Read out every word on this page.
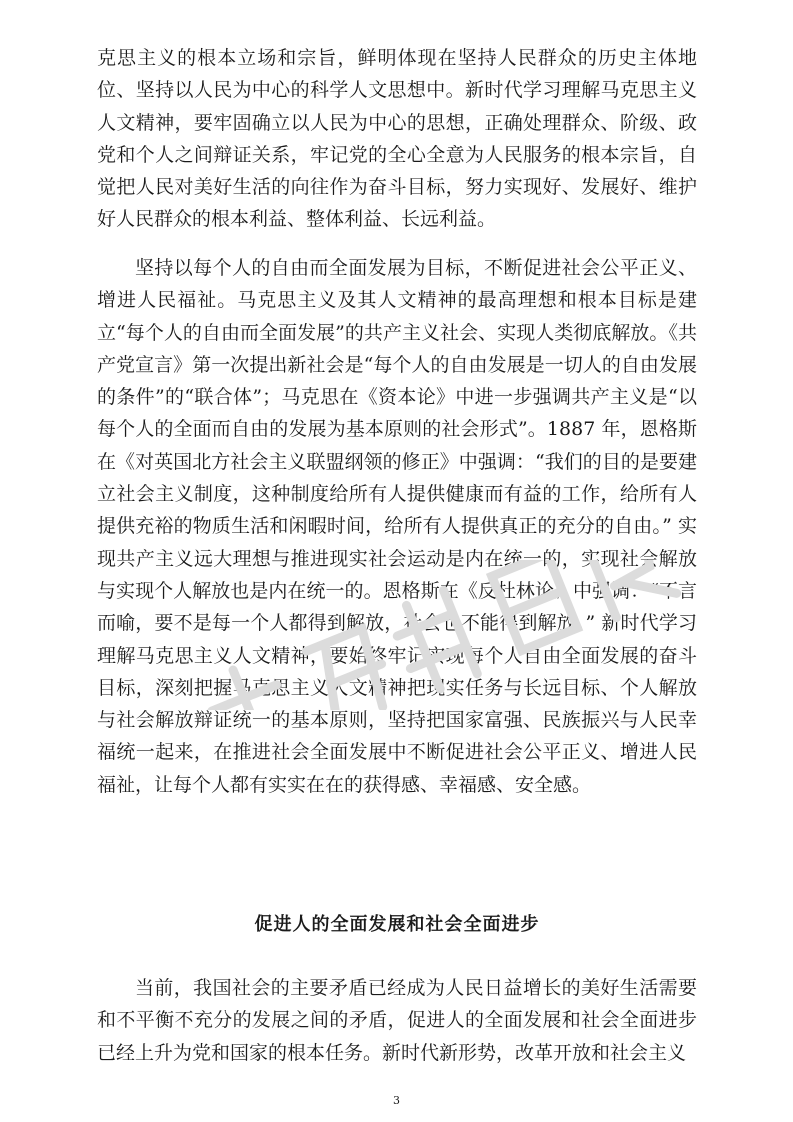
克思主义的根本立场和宗旨，鲜明体现在坚持人民群众的历史主体地位、坚持以人民为中心的科学人文思想中。新时代学习理解马克思主义人文精神，要牢固确立以人民为中心的思想，正确处理群众、阶级、政党和个人之间辩证关系，牢记党的全心全意为人民服务的根本宗旨，自觉把人民对美好生活的向往作为奋斗目标，努力实现好、发展好、维护好人民群众的根本利益、整体利益、长远利益。

坚持以每个人的自由而全面发展为目标，不断促进社会公平正义、增进人民福祉。马克思主义及其人文精神的最高理想和根本目标是建立“每个人的自由而全面发展”的共产主义社会、实现人类彻底解放。《共产党宣言》第一次提出新社会是“每个人的自由发展是一切人的自由发展的条件”的“联合体”；马克思在《资本论》中进一步强调共产主义是“以每个人的全面而自由的发展为基本原则的社会形式”。1887 年，恩格斯在《对英国北方社会主义联盟纲领的修正》中强调：“我们的目的是要建立社会主义制度，这种制度给所有人提供健康而有益的工作，给所有人提供充裕的物质生活和闲暇时间，给所有人提供真正的充分的自由。” 实现共产主义远大理想与推进现实社会运动是内在统一的，实现社会解放与实现个人解放也是内在统一的。恩格斯在《反杜林论》中强调：“不言而喻，要不是每一个人都得到解放，社会也不能得到解放。” 新时代学习理解马克思主义人文精神，要始终牢记实现每个人自由全面发展的奋斗目标，深刻把握马克思主义人文精神把现实任务与长远目标、个人解放与社会解放辩证统一的基本原则，坚持把国家富强、民族振兴与人民幸福统一起来，在推进社会全面发展中不断促进社会公平正义、增进人民福祉，让每个人都有实实在在的获得感、幸福感、安全感。

促进人的全面发展和社会全面进步

当前，我国社会的主要矛盾已经成为人民日益增长的美好生活需要和不平衡不充分的发展之间的矛盾，促进人的全面发展和社会全面进步已经上升为党和国家的根本任务。新时代新形势，改革开放和社会主义

3
